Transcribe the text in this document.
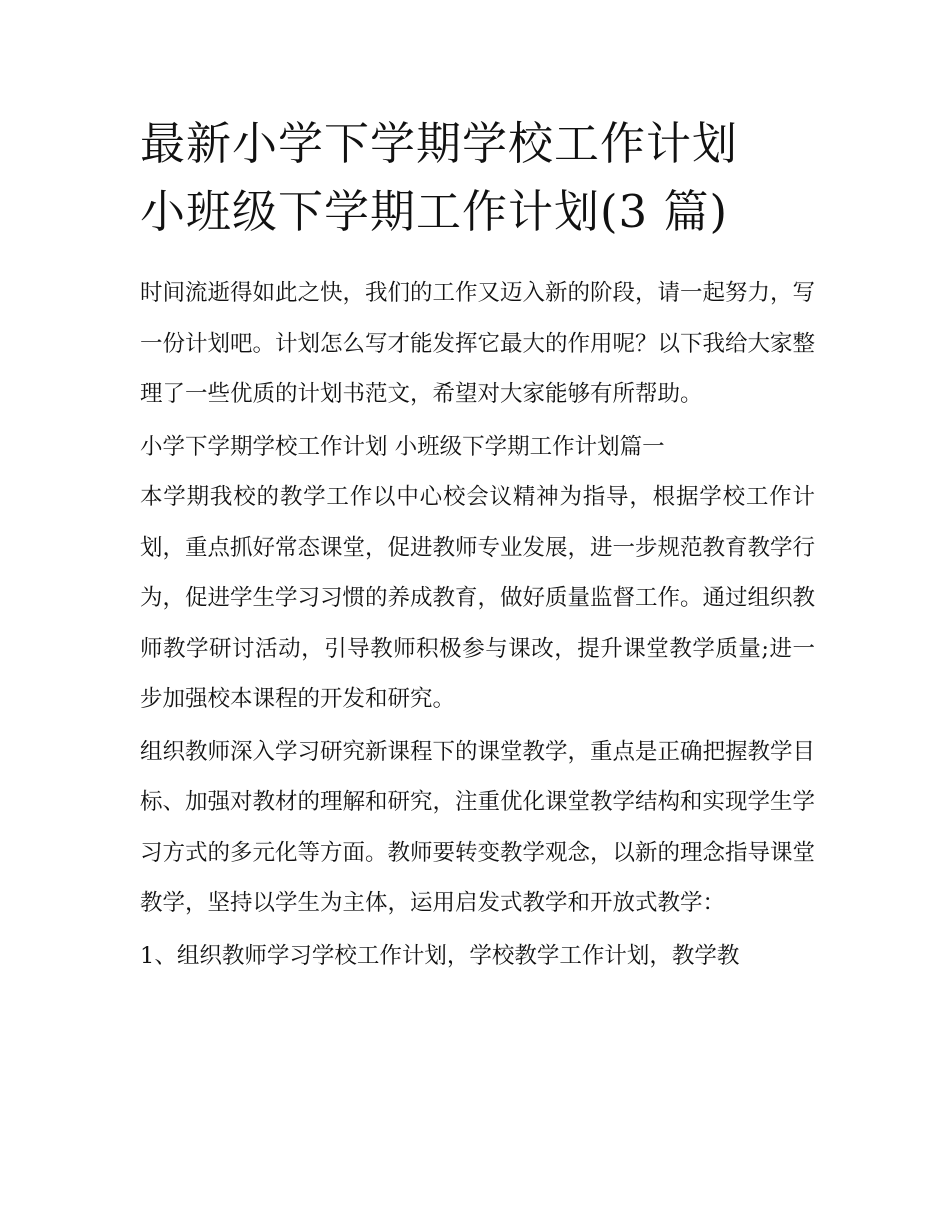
最新小学下学期学校工作计划
小班级下学期工作计划(3 篇)

时间流逝得如此之快，我们的工作又迈入新的阶段，请一起努力，写一份计划吧。计划怎么写才能发挥它最大的作用呢？以下我给大家整理了一些优质的计划书范文，希望对大家能够有所帮助。

小学下学期学校工作计划 小班级下学期工作计划篇一

本学期我校的教学工作以中心校会议精神为指导，根据学校工作计划，重点抓好常态课堂，促进教师专业发展，进一步规范教育教学行为，促进学生学习习惯的养成教育，做好质量监督工作。通过组织教师教学研讨活动，引导教师积极参与课改，提升课堂教学质量;进一步加强校本课程的开发和研究。

组织教师深入学习研究新课程下的课堂教学，重点是正确把握教学目标、加强对教材的理解和研究，注重优化课堂教学结构和实现学生学习方式的多元化等方面。教师要转变教学观念，以新的理念指导课堂教学，坚持以学生为主体，运用启发式教学和开放式教学：

1、组织教师学习学校工作计划，学校教学工作计划，教学教
